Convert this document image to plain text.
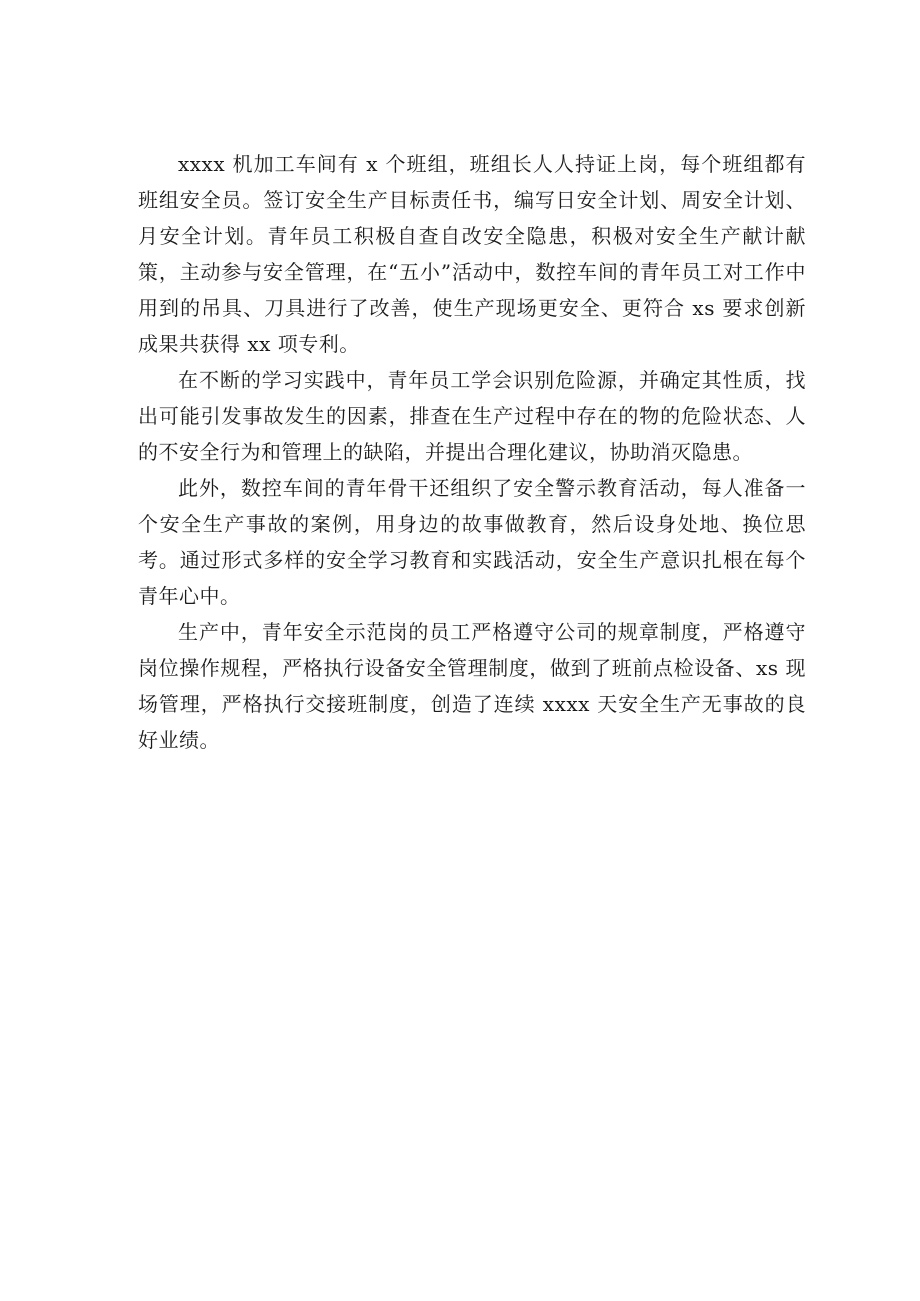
xxxx 机加工车间有 x 个班组，班组长人人持证上岗，每个班组都有班组安全员。签订安全生产目标责任书，编写日安全计划、周安全计划、月安全计划。青年员工积极自查自改安全隐患，积极对安全生产献计献策，主动参与安全管理，在“五小”活动中，数控车间的青年员工对工作中用到的吊具、刀具进行了改善，使生产现场更安全、更符合 xs 要求创新成果共获得 xx 项专利。

在不断的学习实践中，青年员工学会识别危险源，并确定其性质，找出可能引发事故发生的因素，排查在生产过程中存在的物的危险状态、人的不安全行为和管理上的缺陷，并提出合理化建议，协助消灭隐患。

此外，数控车间的青年骨干还组织了安全警示教育活动，每人准备一个安全生产事故的案例，用身边的故事做教育，然后设身处地、换位思考。通过形式多样的安全学习教育和实践活动，安全生产意识扎根在每个青年心中。

生产中，青年安全示范岗的员工严格遵守公司的规章制度，严格遵守岗位操作规程，严格执行设备安全管理制度，做到了班前点检设备、xs 现场管理，严格执行交接班制度，创造了连续 xxxx 天安全生产无事故的良好业绩。
